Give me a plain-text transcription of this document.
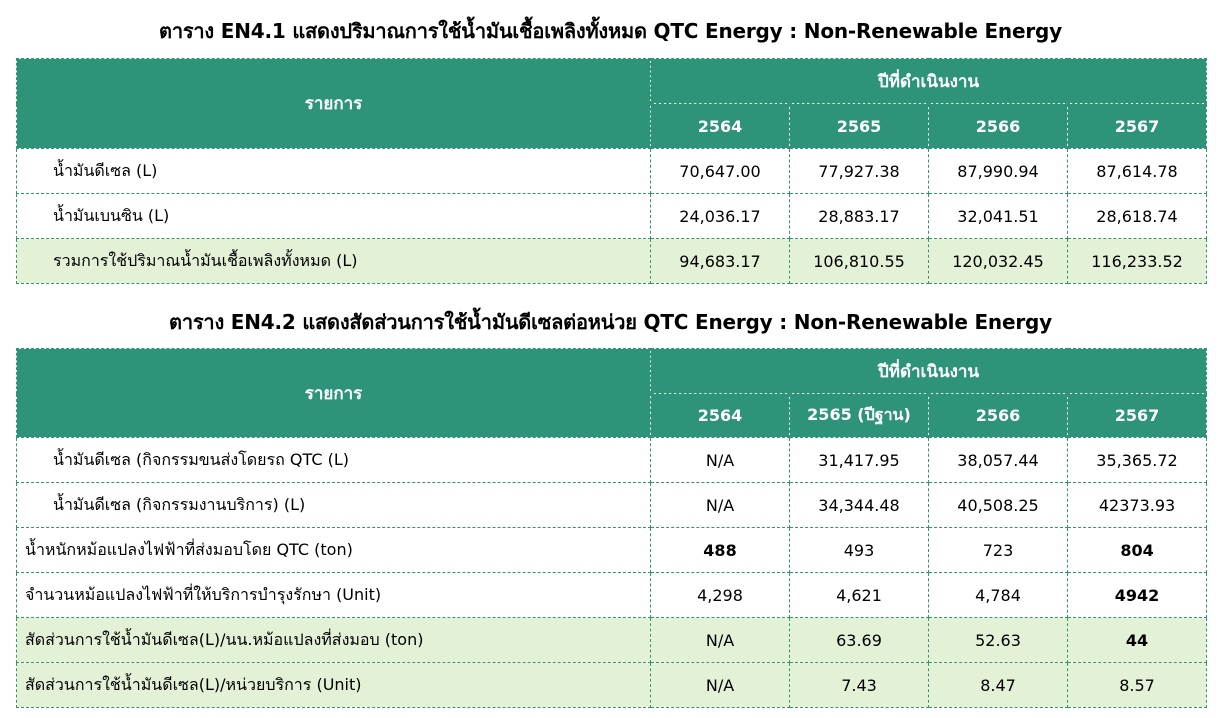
ตาราง EN4.1 แสดงปริมาณการใช้น้ำมันเชื้อเพลิงทั้งหมด QTC Energy : Non-Renewable Energy
รายการ	ปีที่ดำเนินงาน			
	2564	2565	2566	2567
น้ำมันดีเซล (L)	70,647.00	77,927.38	87,990.94	87,614.78
น้ำมันเบนซิน (L)	24,036.17	28,883.17	32,041.51	28,618.74
รวมการใช้ปริมาณน้ำมันเชื้อเพลิงทั้งหมด (L)	94,683.17	106,810.55	120,032.45	116,233.52
ตาราง EN4.2 แสดงสัดส่วนการใช้น้ำมันดีเซลต่อหน่วย QTC Energy : Non-Renewable Energy
รายการ	ปีที่ดำเนินงาน			
	2564	2565 (ปีฐาน)	2566	2567
น้ำมันดีเซล (กิจกรรมขนส่งโดยรถ QTC (L)	N/A	31,417.95	38,057.44	35,365.72
น้ำมันดีเซล (กิจกรรมงานบริการ) (L)	N/A	34,344.48	40,508.25	42373.93
น้ำหนักหม้อแปลงไฟฟ้าที่ส่งมอบโดย QTC (ton)	488	493	723	804
จำนวนหม้อแปลงไฟฟ้าที่ให้บริการบำรุงรักษา (Unit)	4,298	4,621	4,784	4942
สัดส่วนการใช้น้ำมันดีเซล(L)/นน.หม้อแปลงที่ส่งมอบ (ton)	N/A	63.69	52.63	44
สัดส่วนการใช้น้ำมันดีเซล(L)/หน่วยบริการ (Unit)	N/A	7.43	8.47	8.57
